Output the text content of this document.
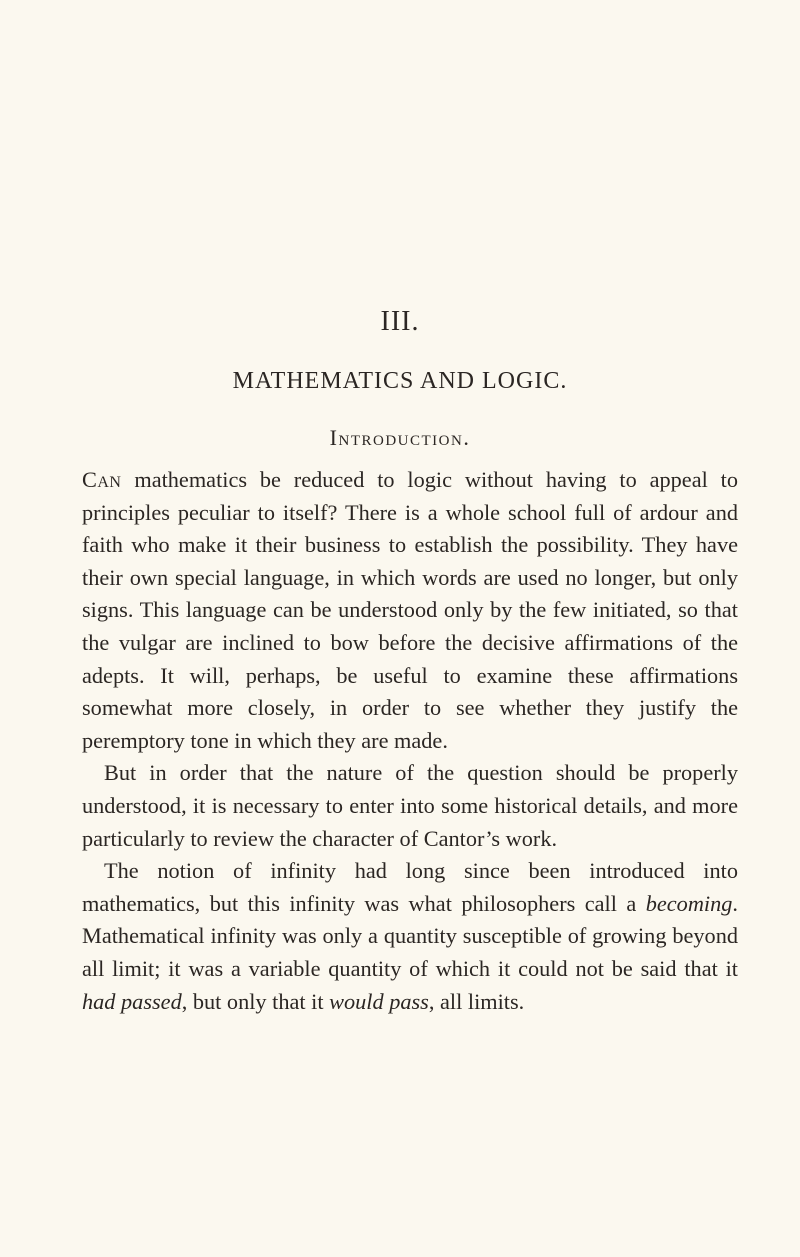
III.
MATHEMATICS AND LOGIC.
Introduction.

Can mathematics be reduced to logic without having to appeal to principles peculiar to itself? There is a whole school full of ardour and faith who make it their business to establish the possibility. They have their own special language, in which words are used no longer, but only signs. This language can be understood only by the few initiated, so that the vulgar are inclined to bow before the decisive affirmations of the adepts. It will, perhaps, be useful to examine these affirmations somewhat more closely, in order to see whether they justify the peremptory tone in which they are made.

But in order that the nature of the question should be properly understood, it is necessary to enter into some historical details, and more particularly to review the character of Cantor’s work.

The notion of infinity had long since been introduced into mathematics, but this infinity was what philosophers call a becoming. Mathematical infinity was only a quantity susceptible of growing beyond all limit; it was a variable quantity of which it could not be said that it had passed, but only that it would pass, all limits.
